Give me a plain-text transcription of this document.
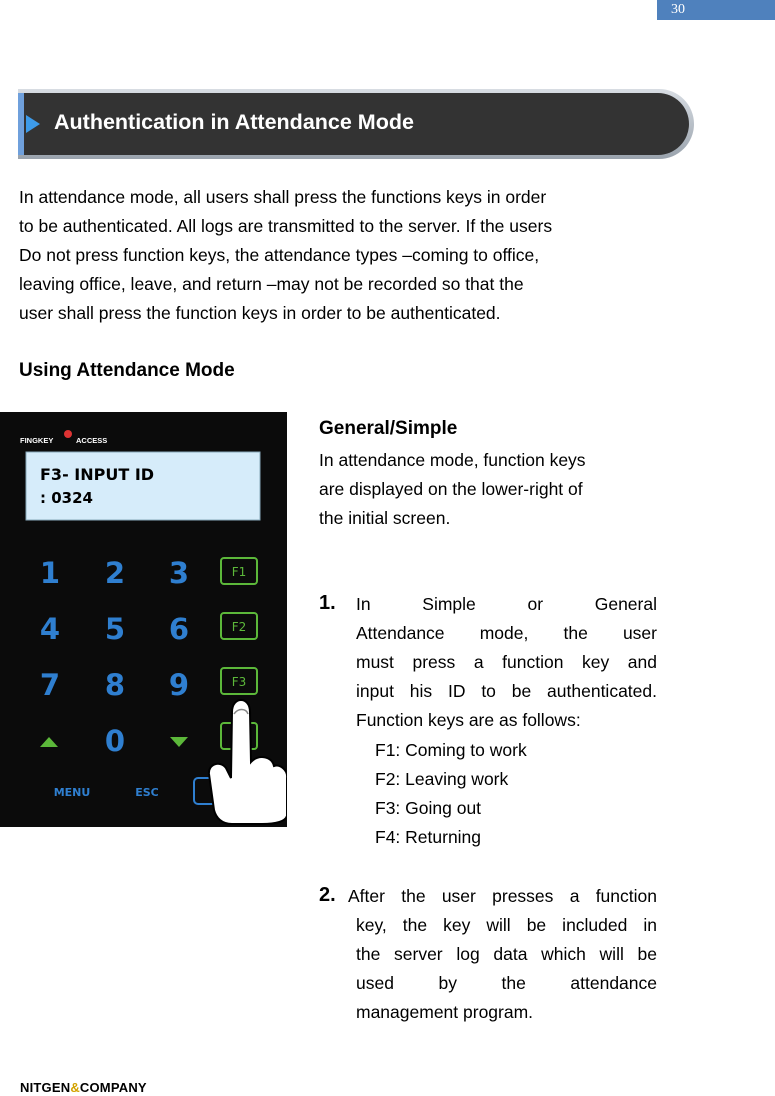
30
Authentication in Attendance Mode

In attendance mode, all users shall press the functions keys in order
to be authenticated. All logs are transmitted to the server. If the users
Do not press function keys, the attendance types –coming to office,
leaving office, leave, and return –may not be recorded so that the
user shall press the function keys in order to be authenticated.

Using Attendance Mode
FINGKEY	ACCESS
F3- INPUT ID
: 0324
1 2 3
4 5 6
7 8 9
0
F1
F2
F3
MENU	ESC
General/Simple

In attendance mode, function keys
are displayed on the lower-right of
the initial screen.

1. In Simple or General
Attendance mode, the user
must press a function key and
input his ID to be authenticated.
Function keys are as follows:

F1: Coming to work
F2: Leaving work
F3: Going out
F4: Returning
2. After the user presses a function
key, the key will be included in
the server log data which will be
used by the attendance
management program.

NITGEN&COMPANY
